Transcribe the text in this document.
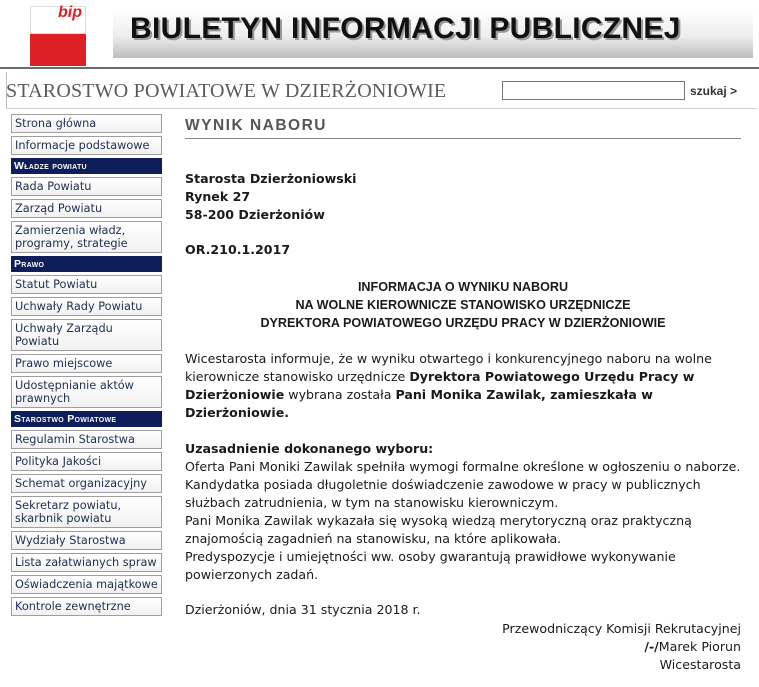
bip BIULETYN INFORMACJI PUBLICZNEJ
STAROSTWO POWIATOWE W DZIERŻONIOWIE	szukaj >
Strona główna
Informacje podstawowe
Władze powiatu
Rada Powiatu
Zarząd Powiatu
Zamierzenia władz, programy, strategie
Prawo
Statut Powiatu
Uchwały Rady Powiatu
Uchwały Zarządu Powiatu
Prawo miejscowe
Udostępnianie aktów prawnych
Starostwo Powiatowe
Regulamin Starostwa
Polityka Jakości
Schemat organizacyjny
Sekretarz powiatu, skarbnik powiatu
Wydziały Starostwa
Lista załatwianych spraw
Oświadczenia majątkowe
Kontrole zewnętrzne
WYNIK NABORU
Starosta Dzierżoniowski
Rynek 27
58-200 Dzierżoniów
OR.210.1.2017
INFORMACJA O WYNIKU NABORU
NA WOLNE KIEROWNICZE STANOWISKO URZĘDNICZE
DYREKTORA POWIATOWEGO URZĘDU PRACY W DZIERŻONIOWIE
Wicestarosta informuje, że w wyniku otwartego i konkurencyjnego naboru na wolne kierownicze stanowisko urzędnicze Dyrektora Powiatowego Urzędu Pracy w Dzierżoniowie wybrana została Pani Monika Zawilak, zamieszkała w Dzierżoniowie.
Uzasadnienie dokonanego wyboru:
Oferta Pani Moniki Zawilak spełniła wymogi formalne określone w ogłoszeniu o naborze. Kandydatka posiada długoletnie doświadczenie zawodowe w pracy w publicznych służbach zatrudnienia, w tym na stanowisku kierowniczym.
Pani Monika Zawilak wykazała się wysoką wiedzą merytoryczną oraz praktyczną znajomością zagadnień na stanowisku, na które aplikowała.
Predyspozycje i umiejętności ww. osoby gwarantują prawidłowe wykonywanie powierzonych zadań.
Dzierżoniów, dnia 31 stycznia 2018 r.
Przewodniczący Komisji Rekrutacyjnej
/-/Marek Piorun
Wicestarosta
